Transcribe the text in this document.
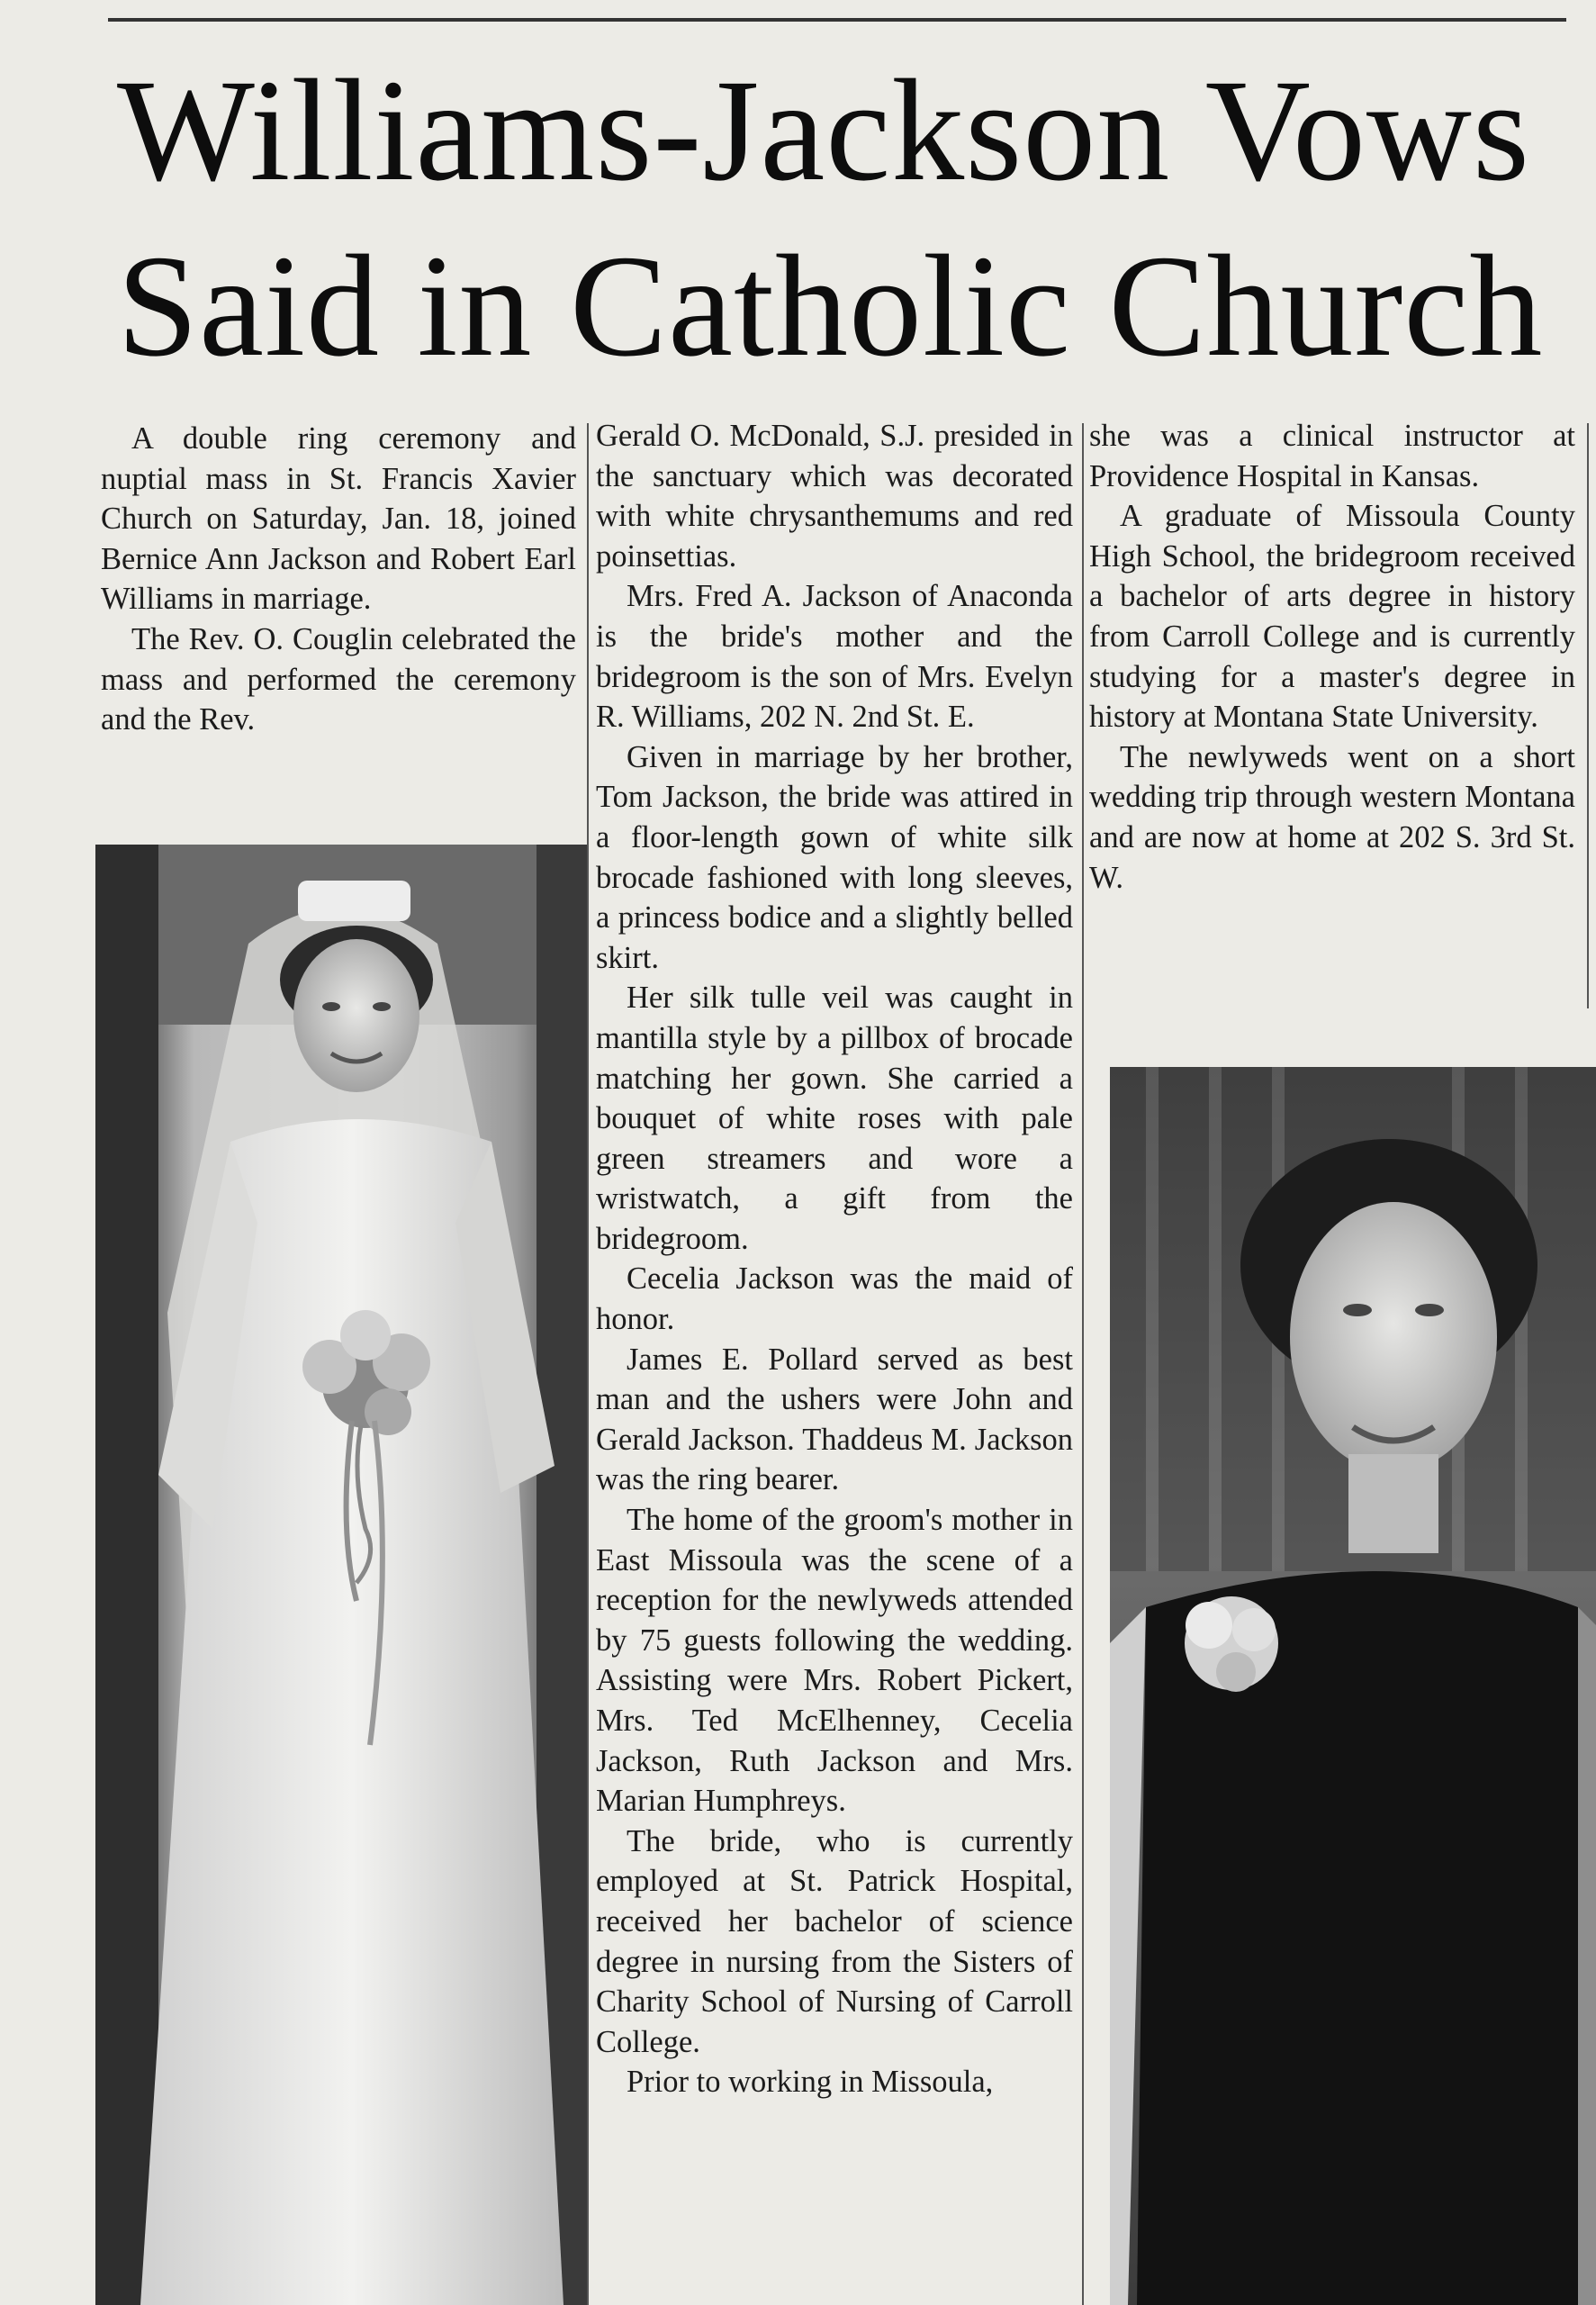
Williams-Jackson Vows
Said in Catholic Church

A double ring ceremony and nuptial mass in St. Francis Xavier Church on Saturday, Jan. 18, joined Bernice Ann Jackson and Robert Earl Williams in marriage.

The Rev. O. Couglin celebrated the mass and performed the ceremony and the Rev.

Gerald O. McDonald, S.J. presided in the sanctuary which was decorated with white chrysanthemums and red poinsettias.

Mrs. Fred A. Jackson of Anaconda is the bride's mother and the bridegroom is the son of Mrs. Evelyn R. Williams, 202 N. 2nd St. E.

Given in marriage by her brother, Tom Jackson, the bride was attired in a floor-length gown of white silk brocade fashioned with long sleeves, a princess bodice and a slightly belled skirt.

Her silk tulle veil was caught in mantilla style by a pillbox of brocade matching her gown. She carried a bouquet of white roses with pale green streamers and wore a wristwatch, a gift from the bridegroom.

Cecelia Jackson was the maid of honor.

James E. Pollard served as best man and the ushers were John and Gerald Jackson. Thaddeus M. Jackson was the ring bearer.

The home of the groom's mother in East Missoula was the scene of a reception for the newlyweds attended by 75 guests following the wedding. Assisting were Mrs. Robert Pickert, Mrs. Ted McElhenney, Cecelia Jackson, Ruth Jackson and Mrs. Marian Humphreys.

The bride, who is currently employed at St. Patrick Hospital, received her bachelor of science degree in nursing from the Sisters of Charity School of Nursing of Carroll College.

Prior to working in Missoula,

she was a clinical instructor at Providence Hospital in Kansas.

A graduate of Missoula County High School, the bridegroom received a bachelor of arts degree in history from Carroll College and is currently studying for a master's degree in history at Montana State University.

The newlyweds went on a short wedding trip through western Montana and are now at home at 202 S. 3rd St. W.
